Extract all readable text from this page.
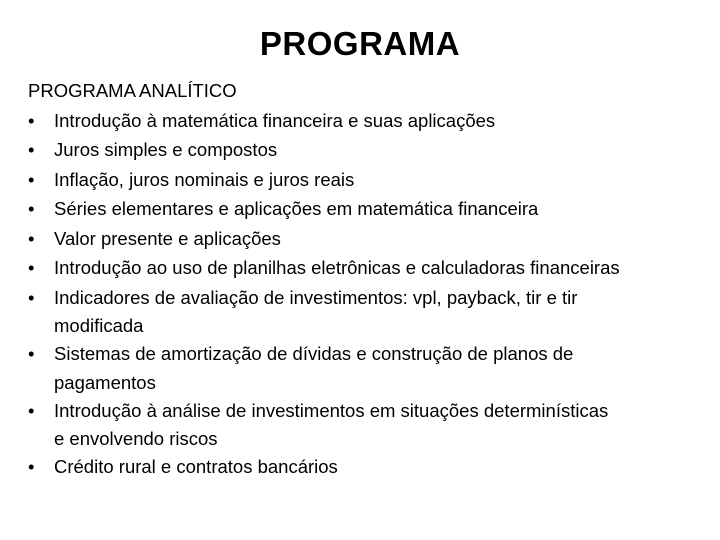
PROGRAMA

PROGRAMA ANALÍTICO

•	Introdução à matemática financeira e suas aplicações
•	Juros simples e compostos
•	Inflação, juros nominais e juros reais
•	Séries elementares e aplicações em matemática financeira
•	Valor presente e aplicações
•	Introdução ao uso de planilhas eletrônicas e calculadoras financeiras
•	Indicadores de avaliação de investimentos: vpl, payback, tir e tir
modificada
•	Sistemas de amortização de dívidas e construção de planos de
pagamentos
•	Introdução à análise de investimentos em situações determinísticas
e envolvendo riscos
•	Crédito rural e contratos bancários
